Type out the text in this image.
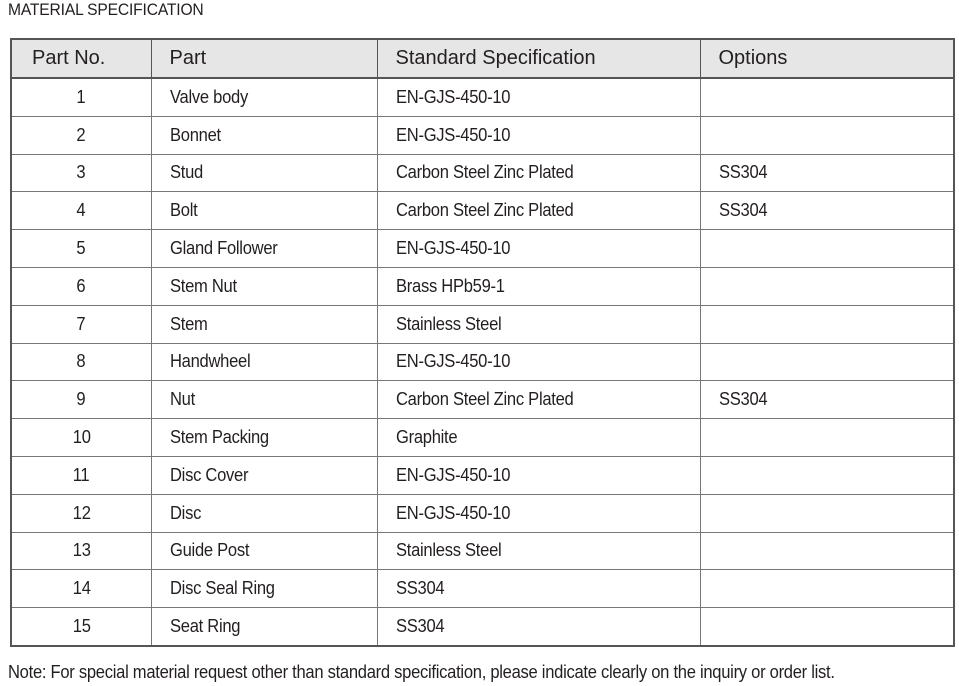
MATERIAL SPECIFICATION
Part No.	Part	Standard Specification	Options
1	Valve body	EN-GJS-450-10	
2	Bonnet	EN-GJS-450-10	
3	Stud	Carbon Steel Zinc Plated	SS304
4	Bolt	Carbon Steel Zinc Plated	SS304
5	Gland Follower	EN-GJS-450-10	
6	Stem Nut	Brass HPb59-1	
7	Stem	Stainless Steel	
8	Handwheel	EN-GJS-450-10	
9	Nut	Carbon Steel Zinc Plated	SS304
10	Stem Packing	Graphite	
11	Disc Cover	EN-GJS-450-10	
12	Disc	EN-GJS-450-10	
13	Guide Post	Stainless Steel	
14	Disc Seal Ring	SS304	
15	Seat Ring	SS304	
Note: For special material request other than standard specification, please indicate clearly on the inquiry or order list.
